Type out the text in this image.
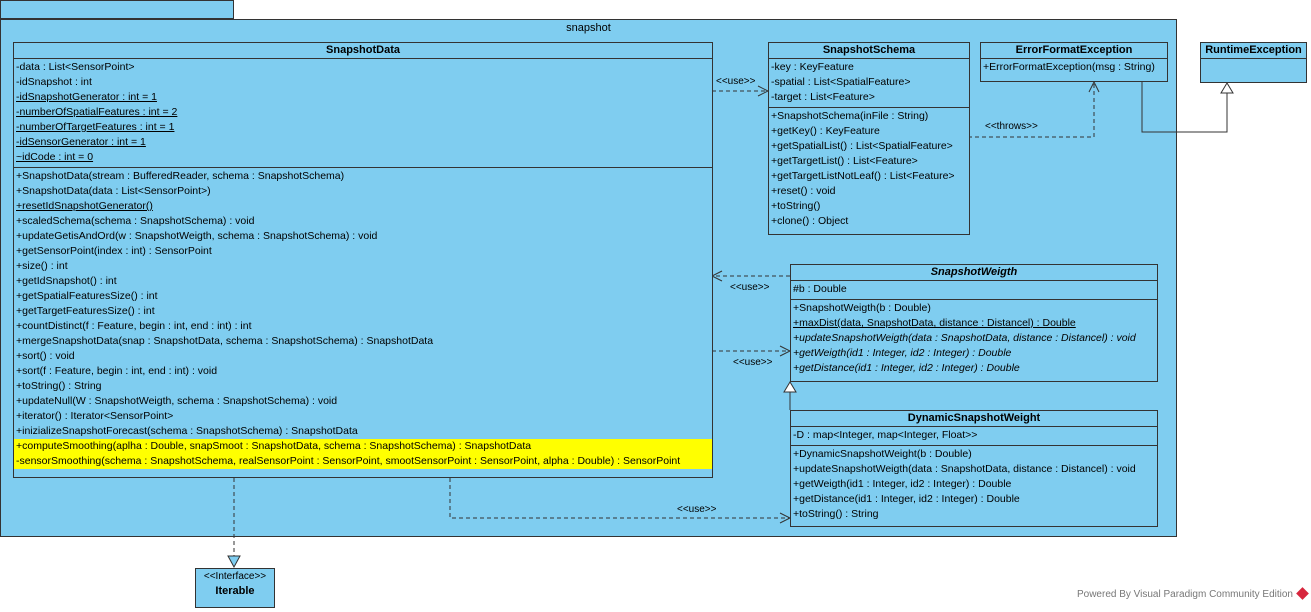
snapshot
<<use>>
<<throws>>
<<use>>
<<use>>
<<use>>
SnapshotData
-data : List<SensorPoint>
-idSnapshot : int
-idSnapshotGenerator : int = 1
-numberOfSpatialFeatures : int = 2
-numberOfTargetFeatures : int = 1
-idSensorGenerator : int = 1
~idCode : int = 0
+SnapshotData(stream : BufferedReader, schema : SnapshotSchema)
+SnapshotData(data : List<SensorPoint>)
+resetIdSnapshotGenerator()
+scaledSchema(schema : SnapshotSchema) : void
+updateGetisAndOrd(w : SnapshotWeigth, schema : SnapshotSchema) : void
+getSensorPoint(index : int) : SensorPoint
+size() : int
+getIdSnapshot() : int
+getSpatialFeaturesSize() : int
+getTargetFeaturesSize() : int
+countDistinct(f : Feature, begin : int, end : int) : int
+mergeSnapshotData(snap : SnapshotData, schema : SnapshotSchema) : SnapshotData
+sort() : void
+sort(f : Feature, begin : int, end : int) : void
+toString() : String
+updateNull(W : SnapshotWeigth, schema : SnapshotSchema) : void
+iterator() : Iterator<SensorPoint>
+inizializeSnapshotForecast(schema : SnapshotSchema) : SnapshotData
+computeSmoothing(aplha : Double, snapSmoot : SnapshotData, schema : SnapshotSchema) : SnapshotData
-sensorSmoothing(schema : SnapshotSchema, realSensorPoint : SensorPoint, smootSensorPoint : SensorPoint, alpha : Double) : SensorPoint
SnapshotSchema
-key : KeyFeature
-spatial : List<SpatialFeature>
-target : List<Feature>
+SnapshotSchema(inFile : String)
+getKey() : KeyFeature
+getSpatialList() : List<SpatialFeature>
+getTargetList() : List<Feature>
+getTargetListNotLeaf() : List<Feature>
+reset() : void
+toString()
+clone() : Object
ErrorFormatException
+ErrorFormatException(msg : String)
RuntimeException
SnapshotWeigth
#b : Double
+SnapshotWeigth(b : Double)
+maxDist(data, SnapshotData, distance : Distancel) : Double
+updateSnapshotWeigth(data : SnapshotData, distance : Distancel) : void
+getWeigth(id1 : Integer, id2 : Integer) : Double
+getDistance(id1 : Integer, id2 : Integer) : Double
DynamicSnapshotWeight
-D : map<Integer, map<Integer, Float>>
+DynamicSnapshotWeight(b : Double)
+updateSnapshotWeigth(data : SnapshotData, distance : Distancel) : void
+getWeigth(id1 : Integer, id2 : Integer) : Double
+getDistance(id1 : Integer, id2 : Integer) : Double
+toString() : String
<<Interface>>
Iterable	Powered By Visual Paradigm Community Edition
